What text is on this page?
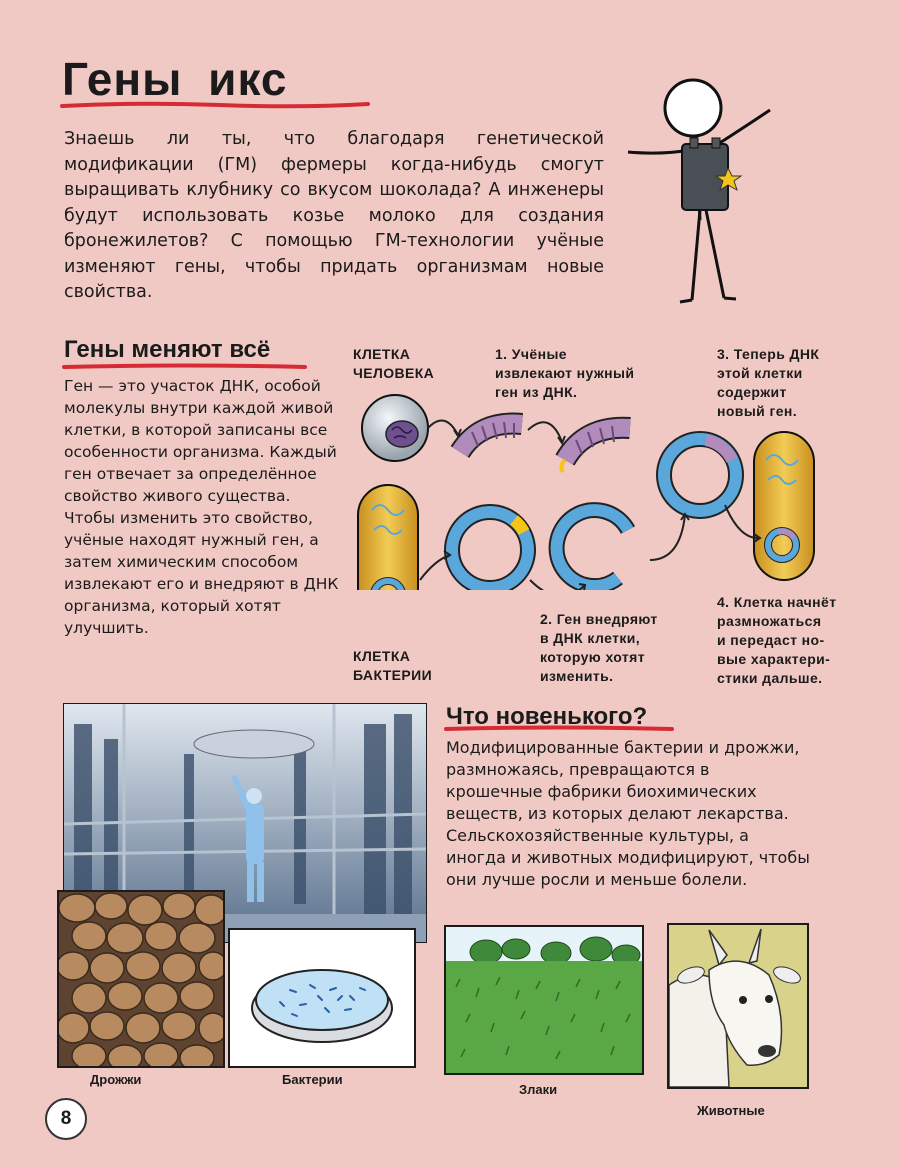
Гены икс
Знаешь ли ты, что благодаря генетической модификации (ГМ) фермеры когда-нибудь смогут выращивать клубнику со вкусом шоколада? А инженеры будут использовать козье молоко для создания бронежилетов? С помощью ГМ-технологии учёные изменяют гены, чтобы придать организмам новые свойства.
Гены меняют всё
Ген — это участок ДНК, особой молекулы внутри каждой живой клетки, в которой записаны все особенности организма. Каждый ген отвечает за определённое свойство живого существа. Чтобы изменить это свойство, учёные находят нужный ген, а затем химическим способом извлекают его и внедряют в ДНК организма, который хотят улучшить.
КЛЕТКА
ЧЕЛОВЕКА
КЛЕТКА
БАКТЕРИИ
1. Учёные
извлекают нужный
ген из ДНК.
2. Ген внедряют
в ДНК клетки,
которую хотят
изменить.
3. Теперь ДНК
этой клетки
содержит
новый ген.
4. Клетка начнёт
размножаться
и передаст но-
вые характери-
стики дальше.
Что новенького?
Модифицированные бактерии и дрожжи, размножаясь, превращаются в крошечные фабрики биохимических веществ, из которых делают лекарства. Сельскохозяйственные культуры, а иногда и животных модифицируют, чтобы они лучше росли и меньше болели.
Дрожжи	Бактерии
Злаки
Животные
8
